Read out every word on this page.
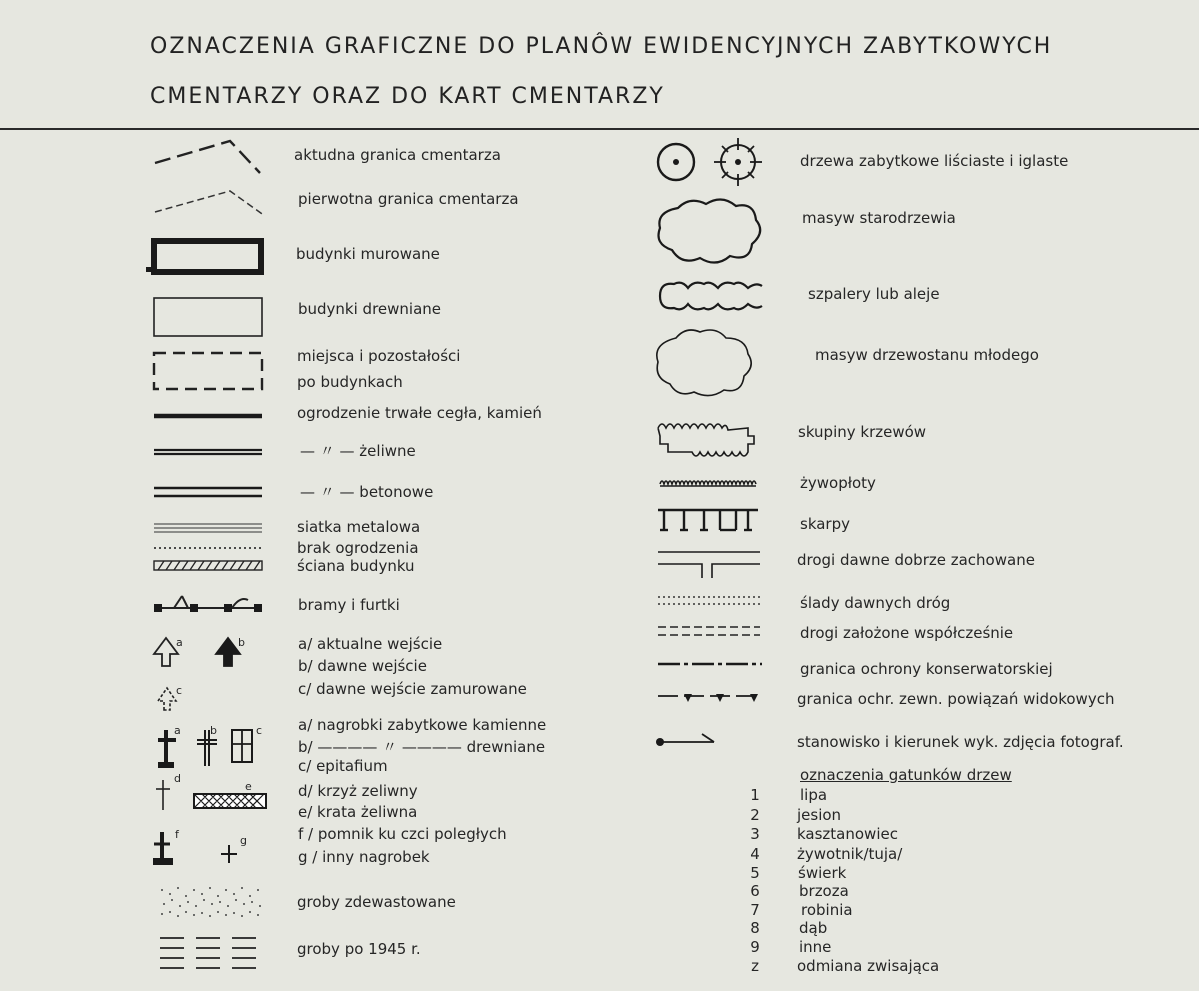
OZNACZENIA GRAFICZNE DO PLANÔW EWIDENCYJNYCH ZABYTKOWYCH
CMENTARZY ORAZ DO KART CMENTARZY
aktudna granica cmentarza
pierwotna granica cmentarza
budynki murowane
budynki drewniane
miejsca i pozostałości
po budynkach
ogrodzenie trwałe cegła, kamień
— 〃 — żeliwne
— 〃 — betonowe
siatka metalowa
brak ogrodzenia
ściana budynku
bramy i furtki
a	b
c
a/ aktualne wejście
b/ dawne wejście
c/ dawne wejście zamurowane
a	b	c a/ nagrobki zabytkowe kamienne
b/ ———— 〃 ———— drewniane
c/ epitafium
d
e
f	g
d/ krzyż zeliwny
e/ krata żeliwna
f / pomnik ku czci poległych
g / inny nagrobek
groby zdewastowane
groby po 1945 r.
drzewa zabytkowe liściaste i iglaste
masyw starodrzewia
szpalery lub aleje
masyw drzewostanu młodego
skupiny krzewów
żywopłoty
skarpy
drogi dawne dobrze zachowane
ślady dawnych dróg
drogi założone współcześnie
granica ochrony konserwatorskiej
granica ochr. zewn. powiązań widokowych
stanowisko i kierunek wyk. zdjęcia fotograf.
oznaczenia gatunków drzew
1	lipa
2	jesion
3	kasztanowiec
4	żywotnik/tuja/
5	świerk
6	brzoza
7	robinia
8	dąb
9	inne
z	odmiana zwisająca
